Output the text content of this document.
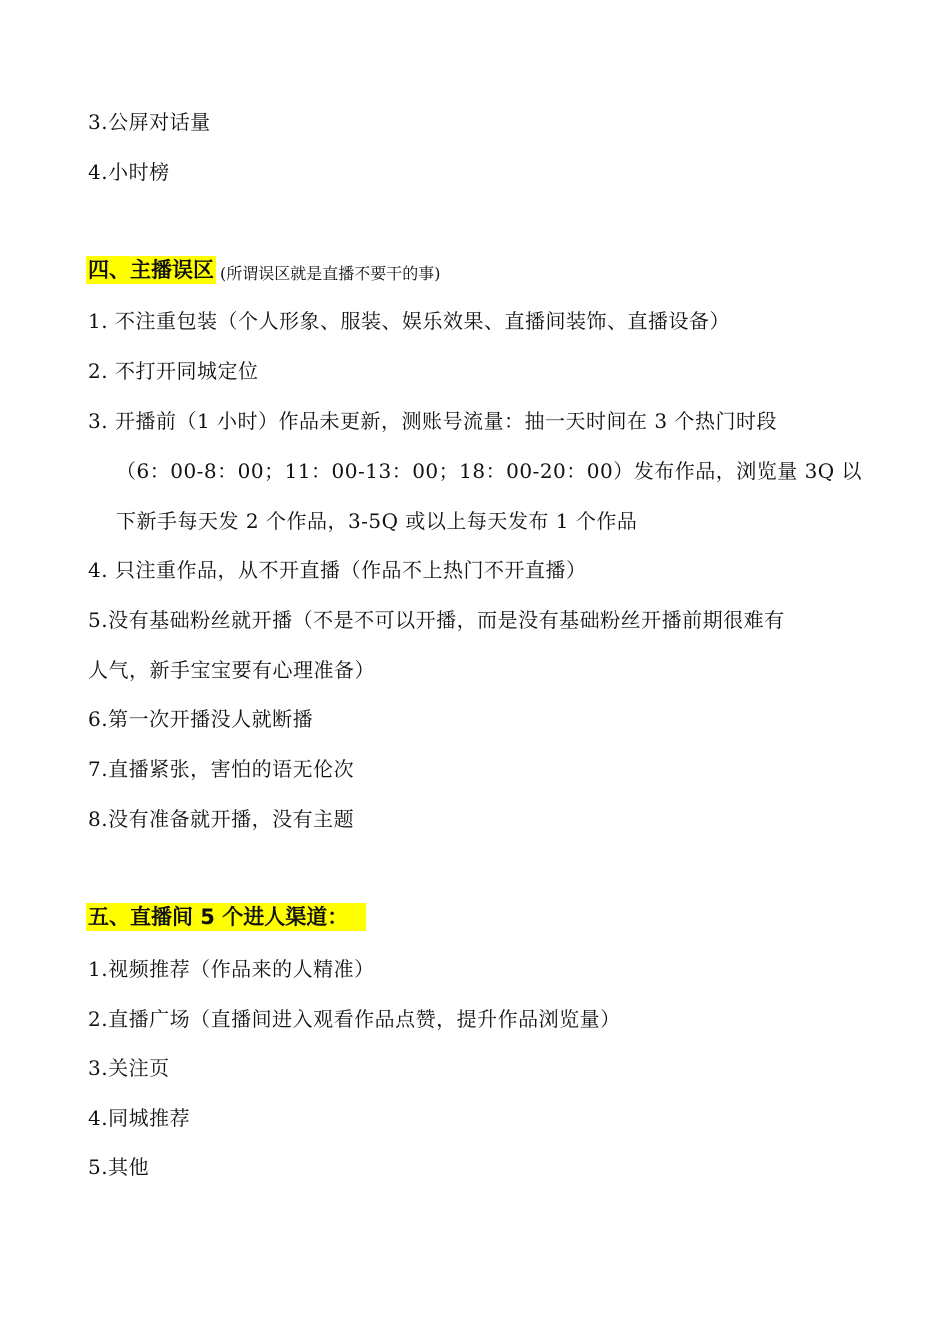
3.公屏对话量
4.小时榜
四、主播误区 (所谓误区就是直播不要干的事)
1. 不注重包装（个人形象、服装、娱乐效果、直播间装饰、直播设备）
2. 不打开同城定位
3. 开播前（1 小时）作品未更新，测账号流量：抽一天时间在 3 个热门时段
（6：00-8：00；11：00-13：00；18：00-20：00）发布作品，浏览量 3Q 以
下新手每天发 2 个作品，3-5Q 或以上每天发布 1 个作品
4. 只注重作品，从不开直播（作品不上热门不开直播）
5.没有基础粉丝就开播（不是不可以开播，而是没有基础粉丝开播前期很难有
人气，新手宝宝要有心理准备）
6.第一次开播没人就断播
7.直播紧张，害怕的语无伦次
8.没有准备就开播，没有主题
五、直播间 5 个进人渠道：
1.视频推荐（作品来的人精准）
2.直播广场（直播间进入观看作品点赞，提升作品浏览量）
3.关注页
4.同城推荐
5.其他
